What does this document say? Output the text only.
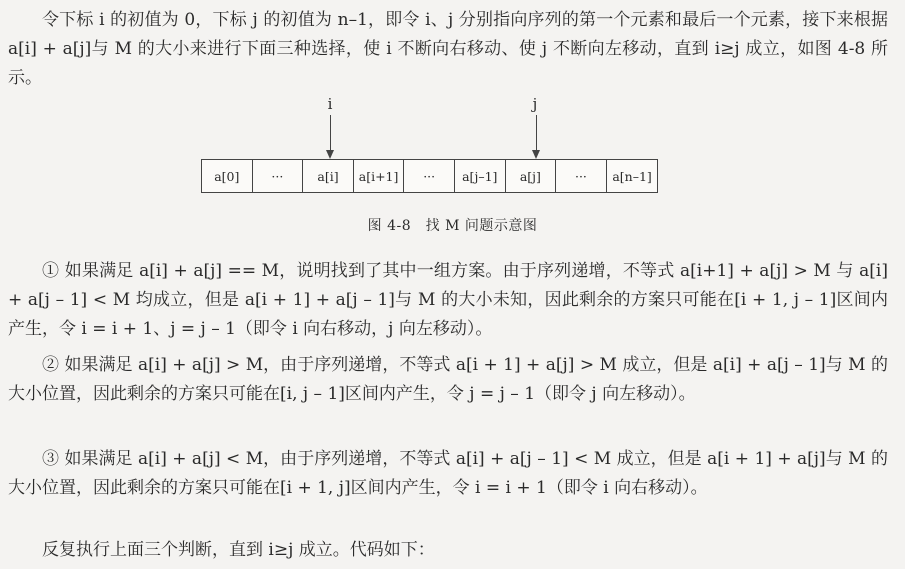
令下标 i 的初值为 0，下标 j 的初值为 n–1，即令 i、j 分别指向序列的第一个元素和最后一个元素，接下来根据 a[i] + a[j]与 M 的大小来进行下面三种选择，使 i 不断向右移动、使 j 不断向左移动，直到 i≥j 成立，如图 4-8 所示。

i	j
a[0]	···	a[i]	a[i+1]	···	a[j–1]	a[j]	···	a[n–1]
图 4-8　找 M 问题示意图

① 如果满足 a[i] + a[j] == M，说明找到了其中一组方案。由于序列递增，不等式 a[i+1] + a[j] > M 与 a[i] + a[j – 1] < M 均成立，但是 a[i + 1] + a[j – 1]与 M 的大小未知，因此剩余的方案只可能在[i + 1, j – 1]区间内产生，令 i = i + 1、j = j – 1（即令 i 向右移动，j 向左移动）。

② 如果满足 a[i] + a[j] > M，由于序列递增，不等式 a[i + 1] + a[j] > M 成立，但是 a[i] + a[j – 1]与 M 的大小位置，因此剩余的方案只可能在[i, j – 1]区间内产生，令 j = j – 1（即令 j 向左移动）。

③ 如果满足 a[i] + a[j] < M，由于序列递增，不等式 a[i] + a[j – 1] < M 成立，但是 a[i + 1] + a[j]与 M 的大小位置，因此剩余的方案只可能在[i + 1, j]区间内产生，令 i = i + 1（即令 i 向右移动）。

反复执行上面三个判断，直到 i≥j 成立。代码如下：
